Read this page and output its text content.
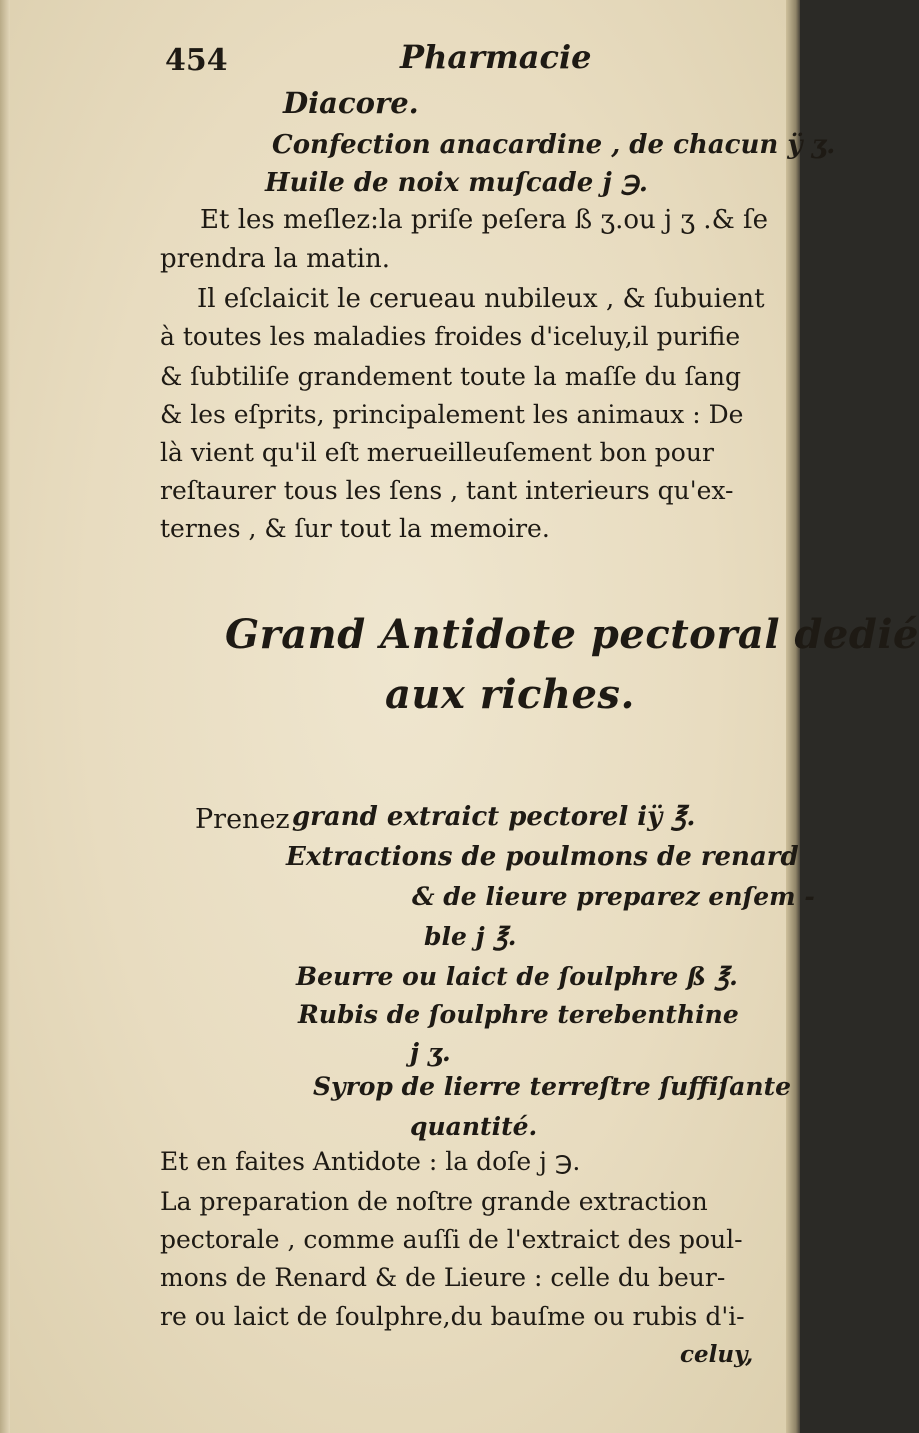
454	Pharmacie
Diacore.
Confection anacardine , de chacun ÿ ʒ.
Huile de noix muſcade j ℈.
Et les meſlez:la priſe peſera ß ʒ.ou j ʒ .& ſe
prendra la matin.
Il eſclaicit le cerueau nubileux , & ſubuient
à toutes les maladies froides d'iceluy,il purifie
& ſubtiliſe grandement toute la maſſe du ſang
& les eſprits, principalement les animaux : De
là vient qu'il eſt merueilleuſement bon pour
reſtaurer tous les ſens , tant interieurs qu'ex-
ternes , & ſur tout la memoire.
Grand Antidote pectoral dedié
aux riches.
Prenez grand extraict pectorel iÿ ℥.
Extractions de poulmons de renard
& de lieure preparez enſem -
ble j ℥.
Beurre ou laict de ſoulphre ß ℥.
Rubis de ſoulphre terebenthine
j ʒ.
Syrop de lierre terreſtre ſuffiſante
quantité.
Et en faites Antidote : la doſe j ℈.
La preparation de noſtre grande extraction
pectorale , comme auſſi de l'extraict des poul-
mons de Renard & de Lieure : celle du beur-
re ou laict de ſoulphre,du bauſme ou rubis d'i-
celuy,
